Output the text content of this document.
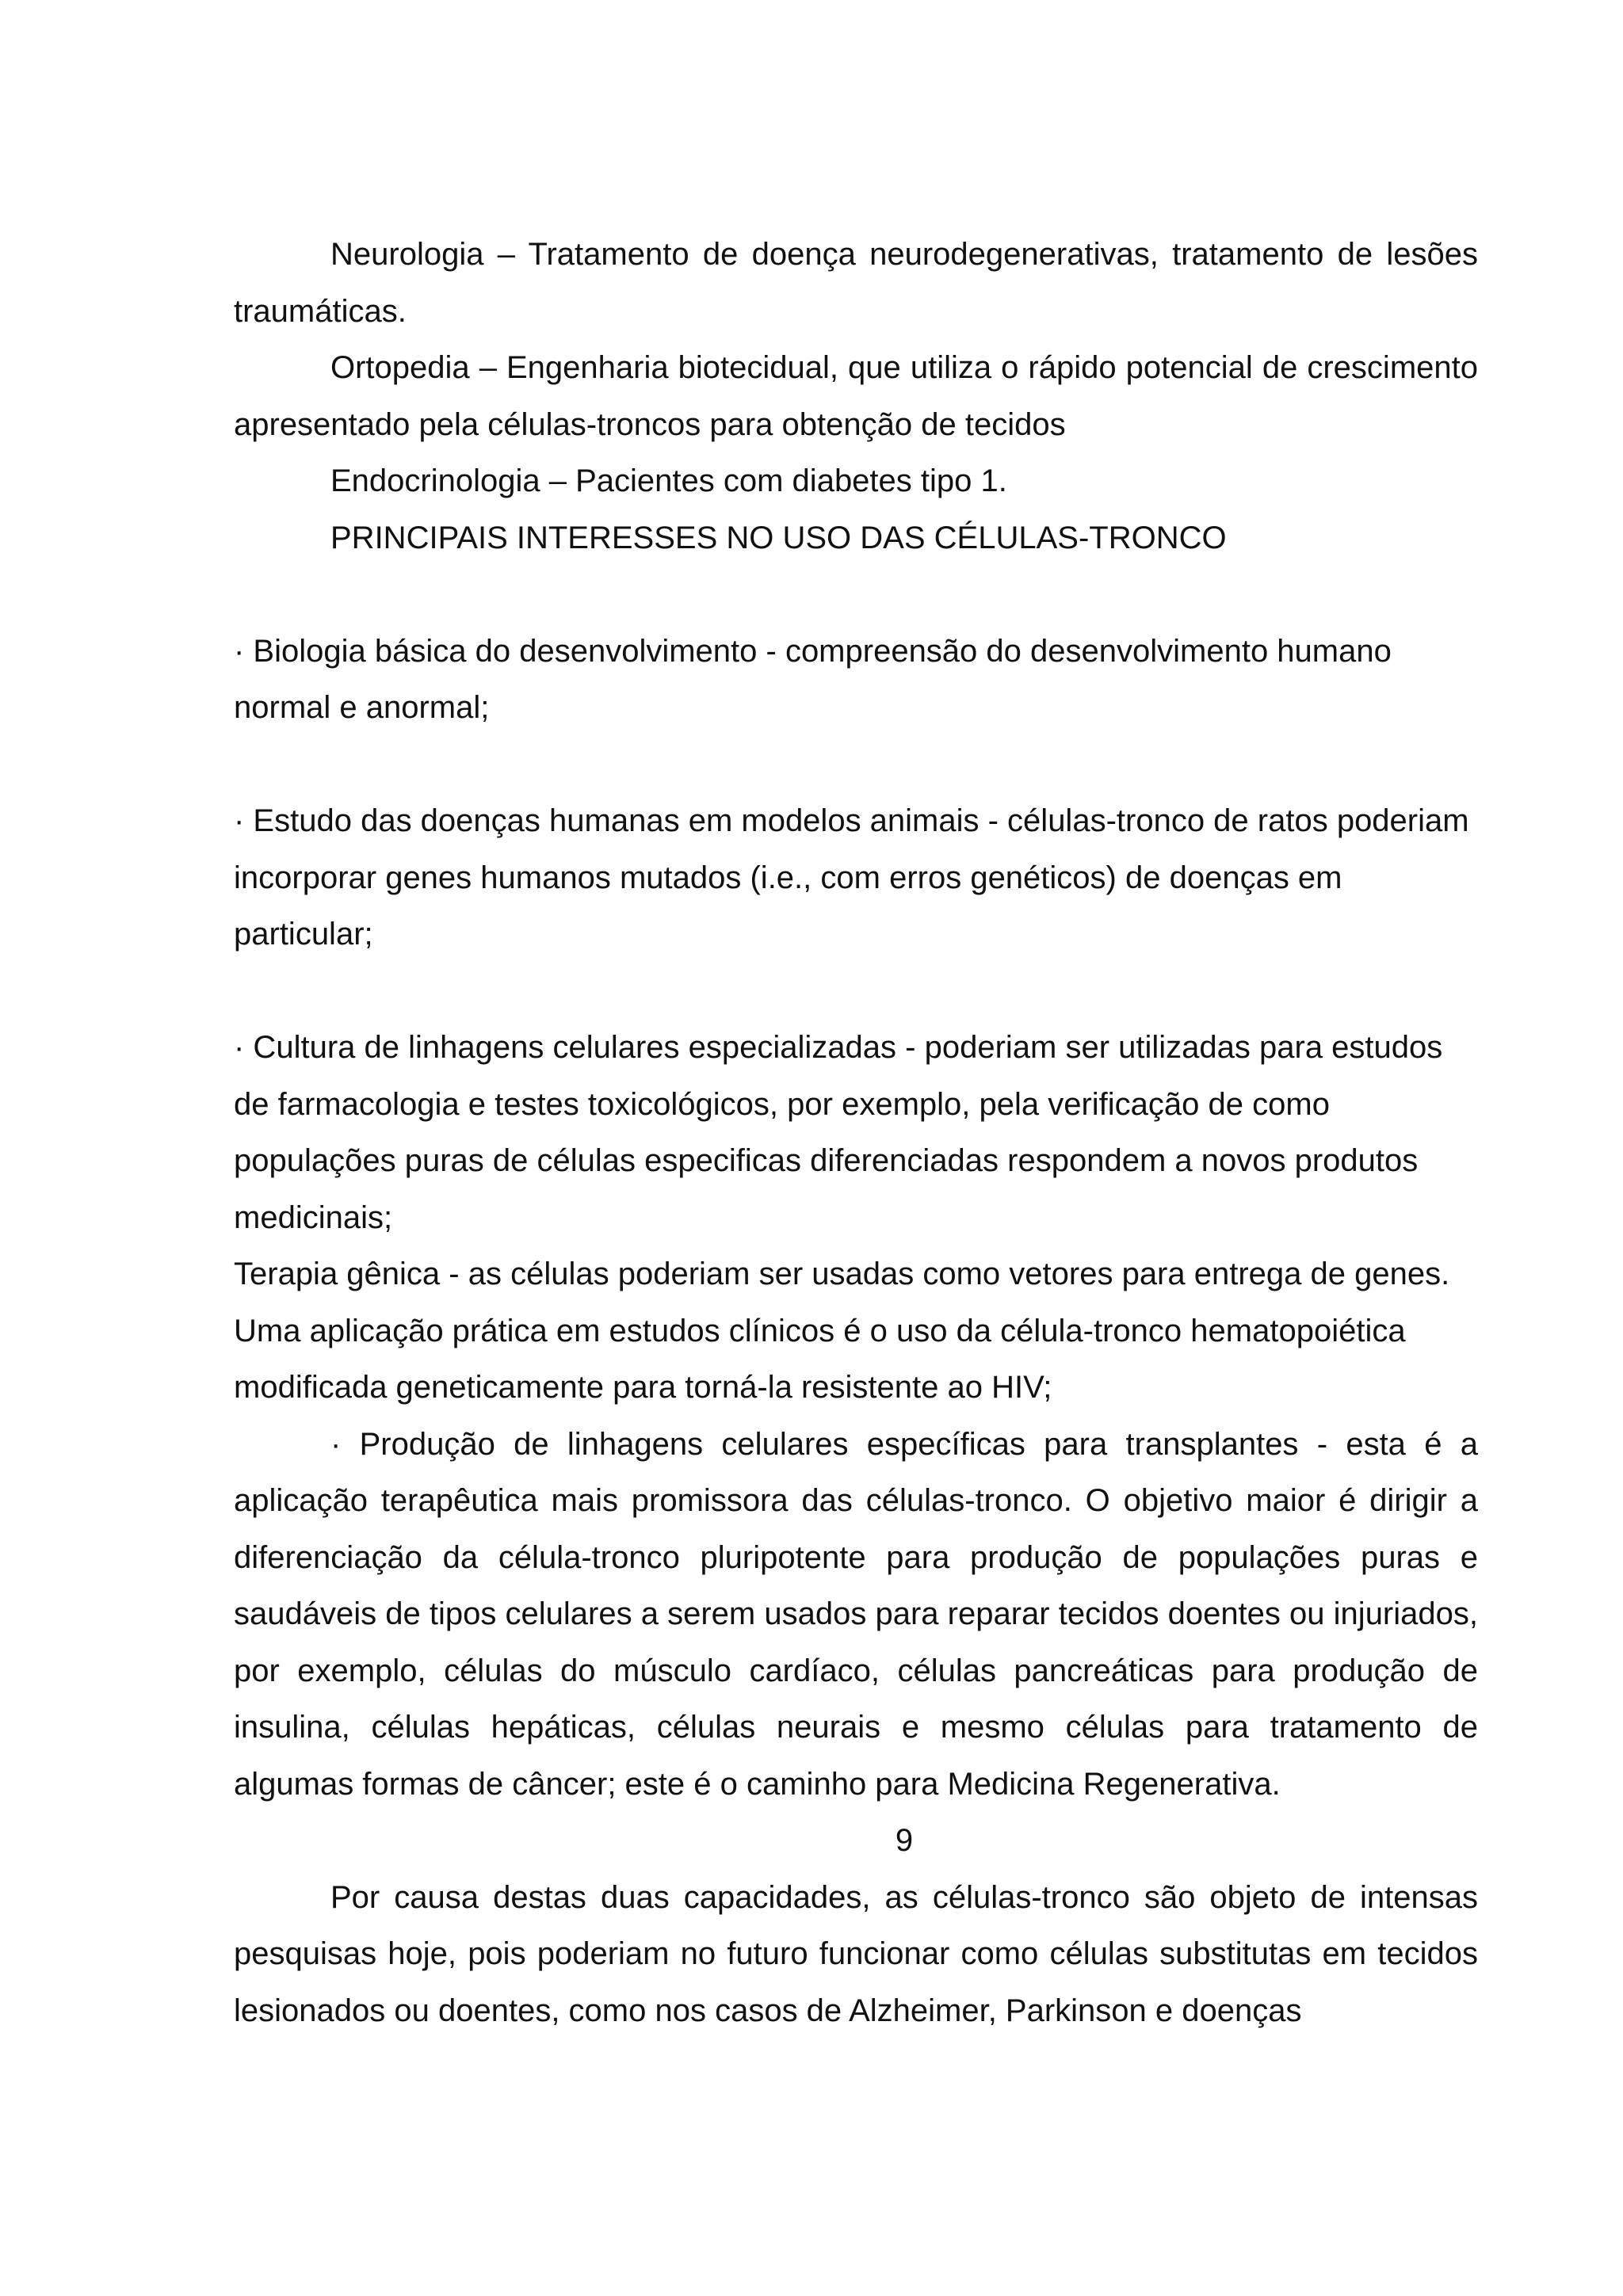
Neurologia – Tratamento de doença neurodegenerativas, tratamento de lesões traumáticas.

Ortopedia – Engenharia biotecidual, que utiliza o rápido potencial de crescimento apresentado pela células-troncos para obtenção de tecidos

Endocrinologia – Pacientes com diabetes tipo 1.

PRINCIPAIS INTERESSES NO USO DAS CÉLULAS-TRONCO

· Biologia básica do desenvolvimento - compreensão do desenvolvimento humano normal e anormal;

· Estudo das doenças humanas em modelos animais - células-tronco de ratos poderiam incorporar genes humanos mutados (i.e., com erros genéticos) de doenças em particular;

· Cultura de linhagens celulares especializadas - poderiam ser utilizadas para estudos de farmacologia e testes toxicológicos, por exemplo, pela verificação de como populações puras de células especificas diferenciadas respondem a novos produtos medicinais;

Terapia gênica - as células poderiam ser usadas como vetores para entrega de genes. Uma aplicação prática em estudos clínicos é o uso da célula-tronco hematopoiética modificada geneticamente para torná-la resistente ao HIV;

· Produção de linhagens celulares específicas para transplantes - esta é a aplicação terapêutica mais promissora das células-tronco. O objetivo maior é dirigir a diferenciação da célula-tronco pluripotente para produção de populações puras e saudáveis de tipos celulares a serem usados para reparar tecidos doentes ou injuriados, por exemplo, células do músculo cardíaco, células pancreáticas para produção de insulina, células hepáticas, células neurais e mesmo células para tratamento de algumas formas de câncer; este é o caminho para Medicina Regenerativa.

9

Por causa destas duas capacidades, as células-tronco são objeto de intensas pesquisas hoje, pois poderiam no futuro funcionar como células substitutas em tecidos lesionados ou doentes, como nos casos de Alzheimer, Parkinson e doenças
